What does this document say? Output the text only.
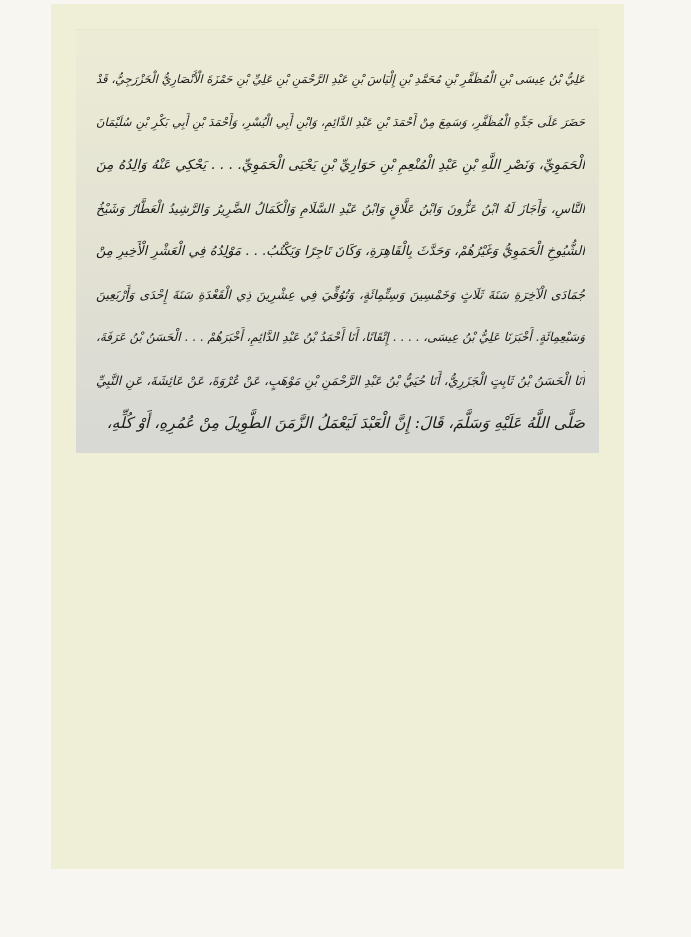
عَلِيُّ بْنُ عِيسَى بْنِ الْمُظَفَّرِ بْنِ مُحَمَّدِ بْنِ إِلْيَاسَ بْنِ عَبْدِ الرَّحْمَنِ بْنِ عَلِيِّ بْنِ حَمْزَةَ الْأَنْصَارِيُّ الْخَزْرَجِيُّ، قَدْ
حَضَرَ عَلَى جَدِّهِ الْمُظَفَّرِ، وَسَمِعَ مِنْ أَحْمَدَ بْنِ عَبْدِ الدَّائِمِ، وَابْنِ أَبِي الْيُسْرِ، وَأَحْمَدَ بْنِ أَبِي بَكْرِ بْنِ سُلَيْمَانَ
الْحَمَوِيِّ، وَنَصْرِ اللَّهِ بْنِ عَبْدِ الْمُنْعِمِ بْنِ حَوَارِيِّ بْنِ يَحْيَى الْحَمَوِيِّ. . . . يَحْكِي عَنْهُ وَالِدُهُ مِنَ
النَّاسِ، وَأَجَازَ لَهُ ابْنُ عَزُّونَ وَابْنُ عَلَّاقٍ وَابْنُ عَبْدِ السَّلَامِ وَالْكَمَالُ الضَّرِيرُ وَالرَّشِيدُ الْعَطَّارُ وَشَيْخُ
الشُّيُوخِ الْحَمَوِيُّ وَغَيْرُهُمْ، وَحَدَّثَ بِالْقَاهِرَةِ، وَكَانَ تَاجِرًا وَيَكْتُبُ. . . مَوْلِدُهُ فِي الْعَشْرِ الْأَخِيرِ مِنْ
جُمَادَى الْآخِرَةِ سَنَةَ ثَلَاثٍ وَخَمْسِينَ وَسِتِّمِائَةٍ، وَتُوُفِّيَ فِي عِشْرِينَ ذِي الْقَعْدَةِ سَنَةَ إِحْدَى وَأَرْبَعِينَ
وَسَبْعِمِائَةٍ. أَخْبَرَنَا عَلِيُّ بْنُ عِيسَى، . . . . إِتْقَانًا، أَنَا أَحْمَدُ بْنُ عَبْدِ الدَّائِمِ، أَخْبَرَهُمْ . . . الْحَسَنُ بْنُ عَرَفَةَ،
أَنَا الْحَسَنُ بْنُ ثَابِتٍ الْجَزَرِيُّ، أَنَا حُيَيُّ بْنُ عَبْدِ الرَّحْمَنِ بْنِ مَوْهَبٍ، عَنْ عُرْوَةَ، عَنْ عَائِشَةَ، عَنِ النَّبِيِّ
صَلَّى اللَّهُ عَلَيْهِ وَسَلَّمَ، قَالَ: إِنَّ الْعَبْدَ لَيَعْمَلُ الزَّمَنَ الطَّوِيلَ مِنْ عُمُرِهِ، أَوْ كُلِّهِ،
